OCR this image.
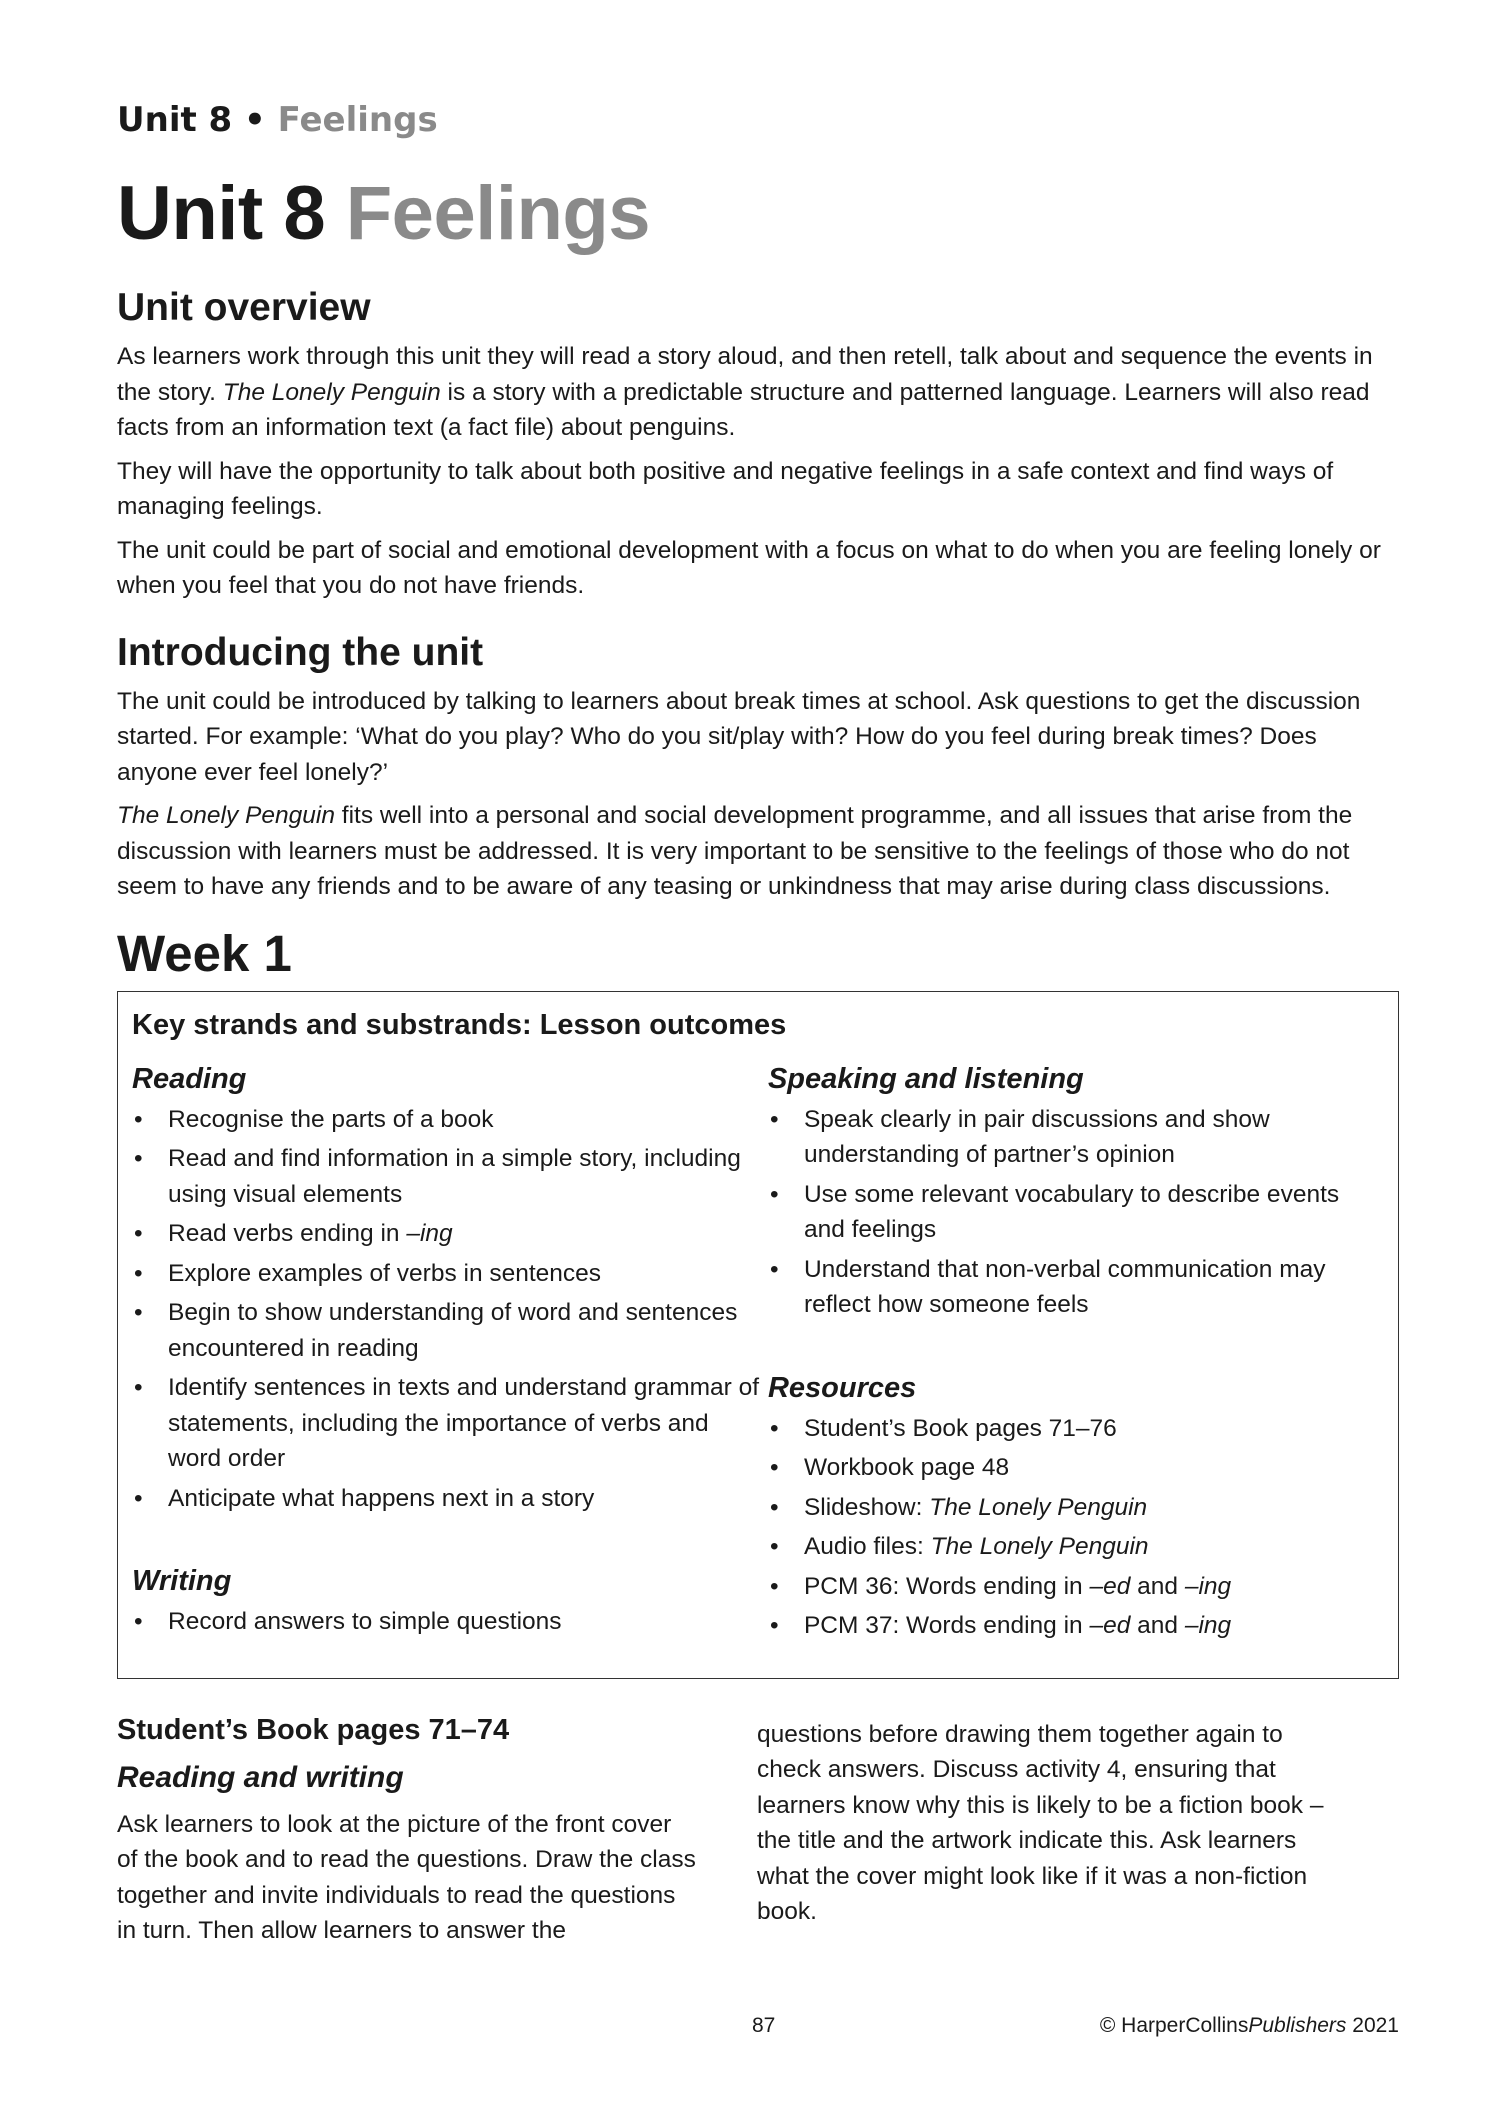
Unit 8 • Feelings
Unit 8 Feelings
Unit overview

As learners work through this unit they will read a story aloud, and then retell, talk about and sequence the events in the story. The Lonely Penguin is a story with a predictable structure and patterned language. Learners will also read facts from an information text (a fact file) about penguins.

They will have the opportunity to talk about both positive and negative feelings in a safe context and find ways of managing feelings.

The unit could be part of social and emotional development with a focus on what to do when you are feeling lonely or when you feel that you do not have friends.

Introducing the unit

The unit could be introduced by talking to learners about break times at school. Ask questions to get the discussion started. For example: ‘What do you play? Who do you sit/play with? How do you feel during break times? Does anyone ever feel lonely?’

The Lonely Penguin fits well into a personal and social development programme, and all issues that arise from the discussion with learners must be addressed. It is very important to be sensitive to the feelings of those who do not seem to have any friends and to be aware of any teasing or unkindness that may arise during class discussions.

Week 1
Key strands and substrands: Lesson outcomes
Reading
• Recognise the parts of a book
• Read and find information in a simple story, including using visual elements
• Read verbs ending in –ing
• Explore examples of verbs in sentences
• Begin to show understanding of word and sentences encountered in reading
• Identify sentences in texts and understand grammar of statements, including the importance of verbs and word order
• Anticipate what happens next in a story
Writing
• Record answers to simple questions
Speaking and listening
• Speak clearly in pair discussions and show understanding of partner’s opinion
• Use some relevant vocabulary to describe events and feelings
• Understand that non-verbal communication may reflect how someone feels
Resources
• Student’s Book pages 71–76
• Workbook page 48
• Slideshow: The Lonely Penguin
• Audio files: The Lonely Penguin
• PCM 36: Words ending in –ed and –ing
• PCM 37: Words ending in –ed and –ing
Student’s Book pages 71–74
Reading and writing

Ask learners to look at the picture of the front cover of the book and to read the questions. Draw the class together and invite individuals to read the questions in turn. Then allow learners to answer the

questions before drawing them together again to check answers. Discuss activity 4, ensuring that learners know why this is likely to be a fiction book – the title and the artwork indicate this. Ask learners what the cover might look like if it was a non-fiction book.

87	© HarperCollinsPublishers 2021
